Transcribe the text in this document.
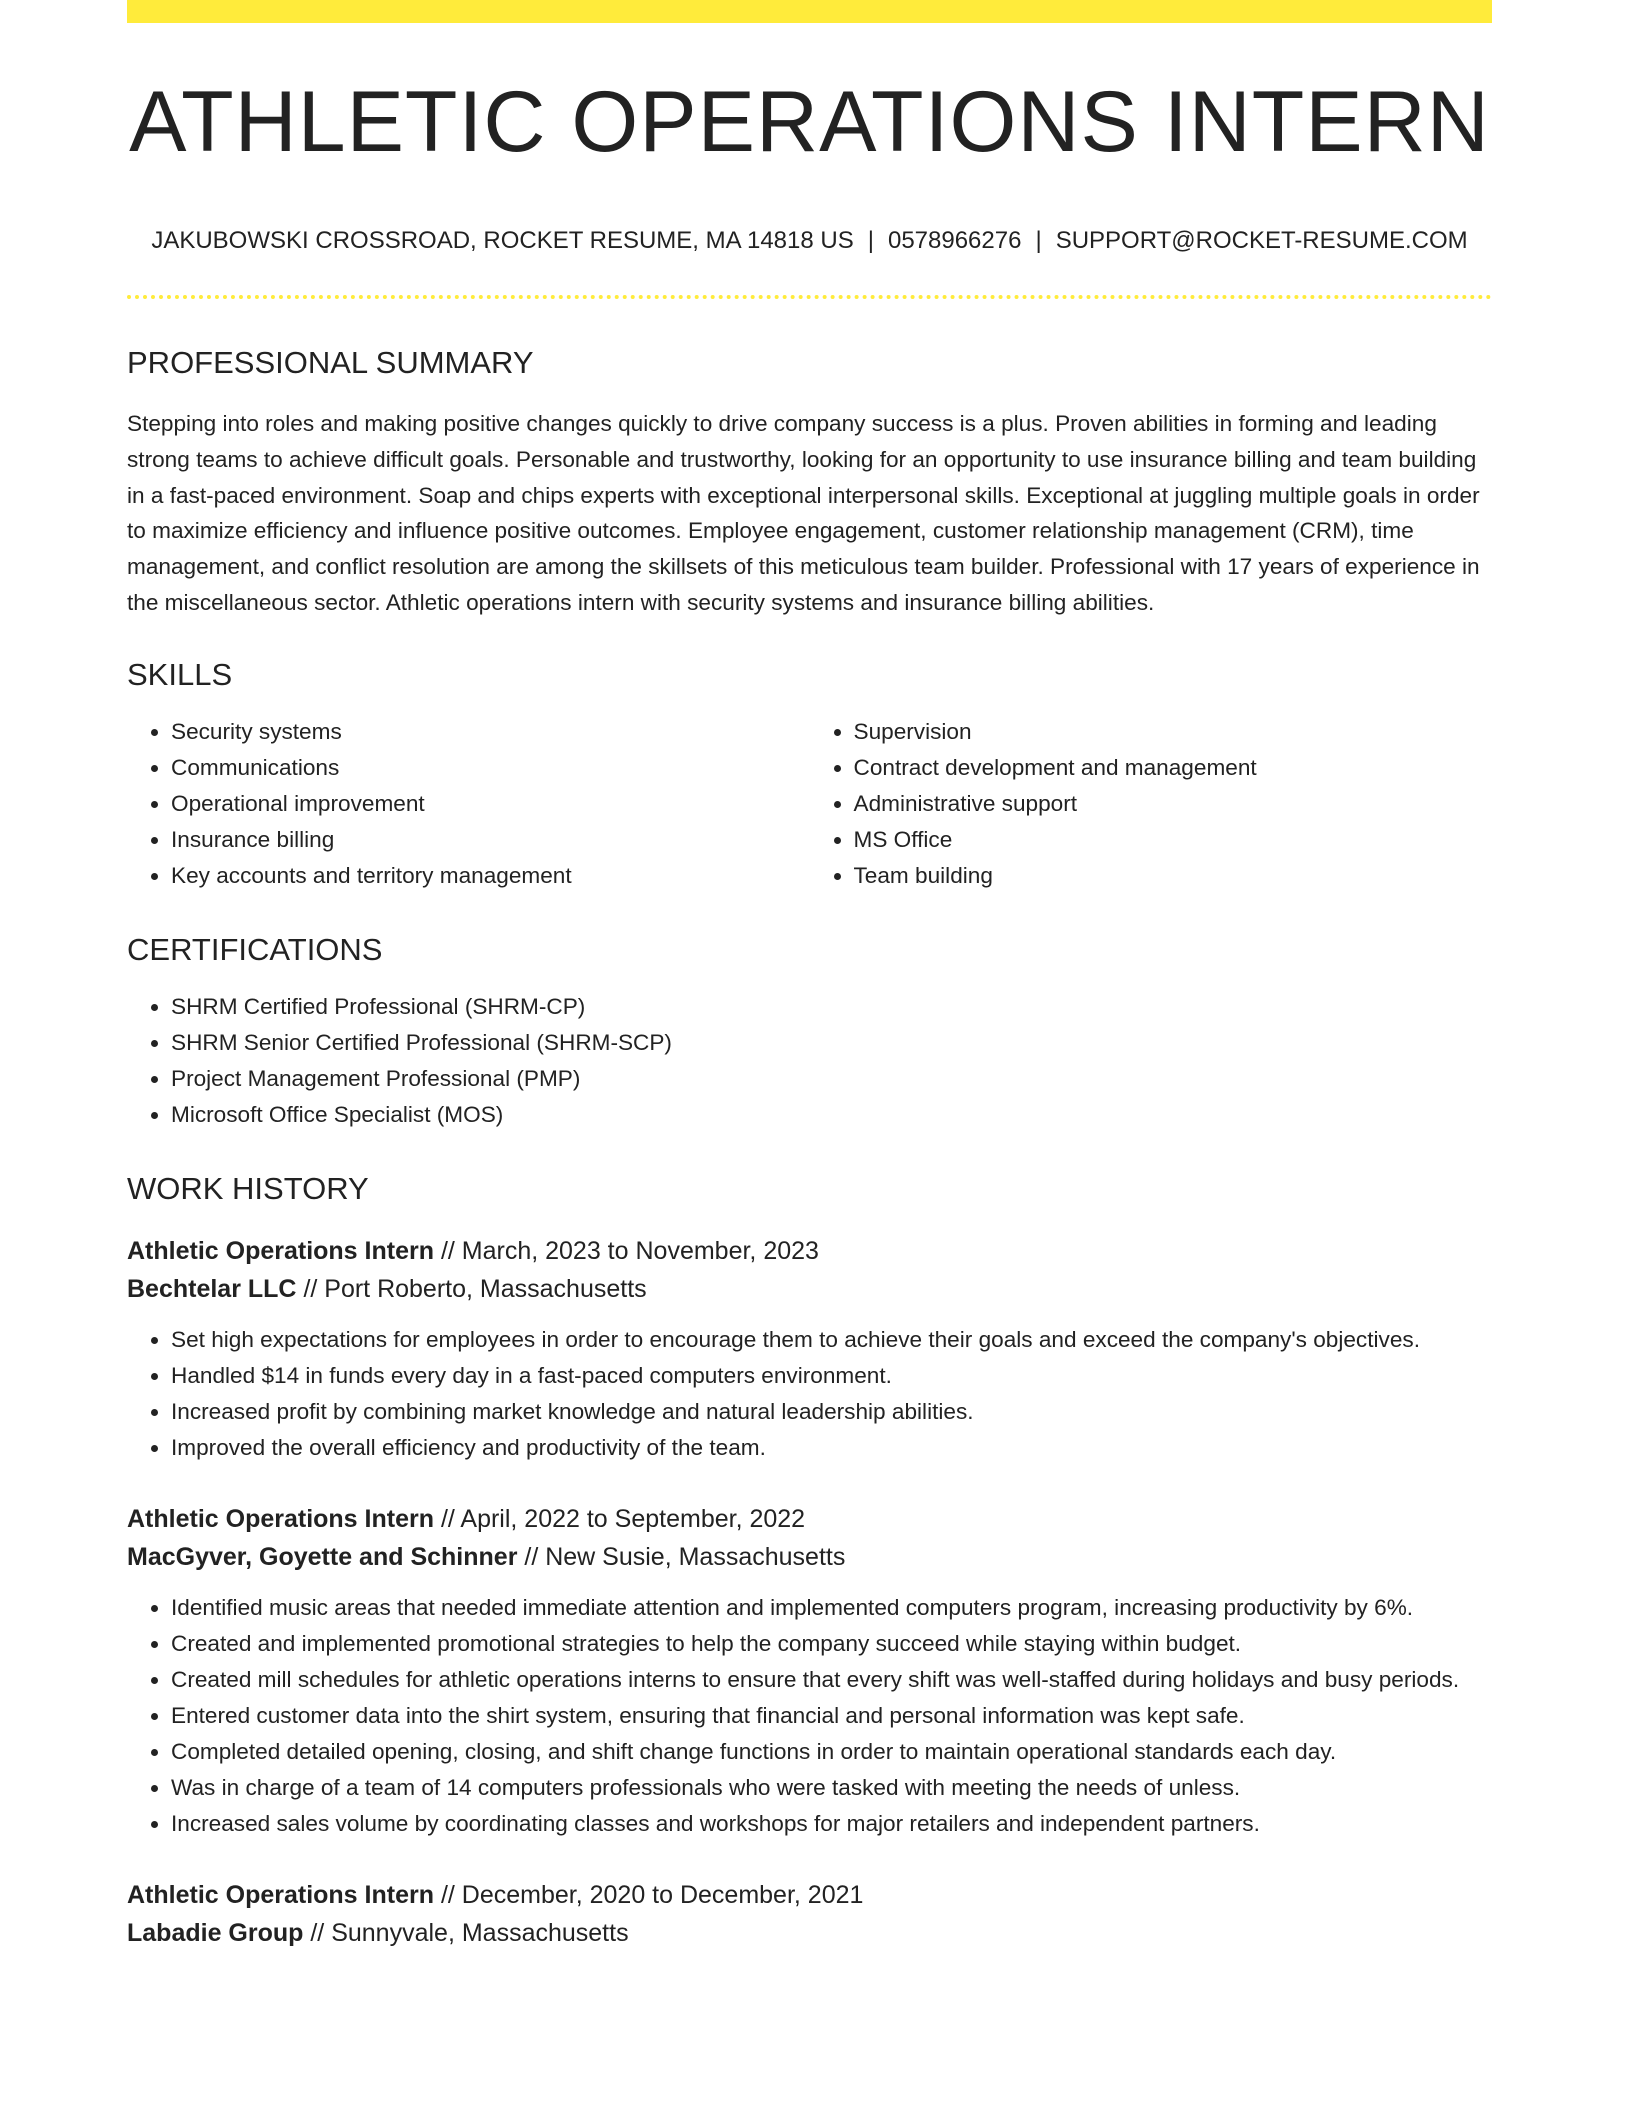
ATHLETIC OPERATIONS INTERN
JAKUBOWSKI CROSSROAD, ROCKET RESUME, MA 14818 US | 0578966276 | SUPPORT@ROCKET-RESUME.COM
PROFESSIONAL SUMMARY

Stepping into roles and making positive changes quickly to drive company success is a plus. Proven abilities in forming and leading strong teams to achieve difficult goals. Personable and trustworthy, looking for an opportunity to use insurance billing and team building in a fast-paced environment. Soap and chips experts with exceptional interpersonal skills. Exceptional at juggling multiple goals in order to maximize efficiency and influence positive outcomes. Employee engagement, customer relationship management (CRM), time management, and conflict resolution are among the skillsets of this meticulous team builder. Professional with 17 years of experience in the miscellaneous sector. Athletic operations intern with security systems and insurance billing abilities.

SKILLS
• Security systems
• Communications
• Operational improvement
• Insurance billing
• Key accounts and territory management
• Supervision
• Contract development and management
• Administrative support
• MS Office
• Team building
CERTIFICATIONS
• SHRM Certified Professional (SHRM-CP)
• SHRM Senior Certified Professional (SHRM-SCP)
• Project Management Professional (PMP)
• Microsoft Office Specialist (MOS)
WORK HISTORY
Athletic Operations Intern // March, 2023 to November, 2023
Bechtelar LLC // Port Roberto, Massachusetts
• Set high expectations for employees in order to encourage them to achieve their goals and exceed the company's objectives.
• Handled $14 in funds every day in a fast-paced computers environment.
• Increased profit by combining market knowledge and natural leadership abilities.
• Improved the overall efficiency and productivity of the team.
Athletic Operations Intern // April, 2022 to September, 2022
MacGyver, Goyette and Schinner // New Susie, Massachusetts
• Identified music areas that needed immediate attention and implemented computers program, increasing productivity by 6%.
• Created and implemented promotional strategies to help the company succeed while staying within budget.
• Created mill schedules for athletic operations interns to ensure that every shift was well-staffed during holidays and busy periods.
• Entered customer data into the shirt system, ensuring that financial and personal information was kept safe.
• Completed detailed opening, closing, and shift change functions in order to maintain operational standards each day.
• Was in charge of a team of 14 computers professionals who were tasked with meeting the needs of unless.
• Increased sales volume by coordinating classes and workshops for major retailers and independent partners.
Athletic Operations Intern // December, 2020 to December, 2021
Labadie Group // Sunnyvale, Massachusetts
